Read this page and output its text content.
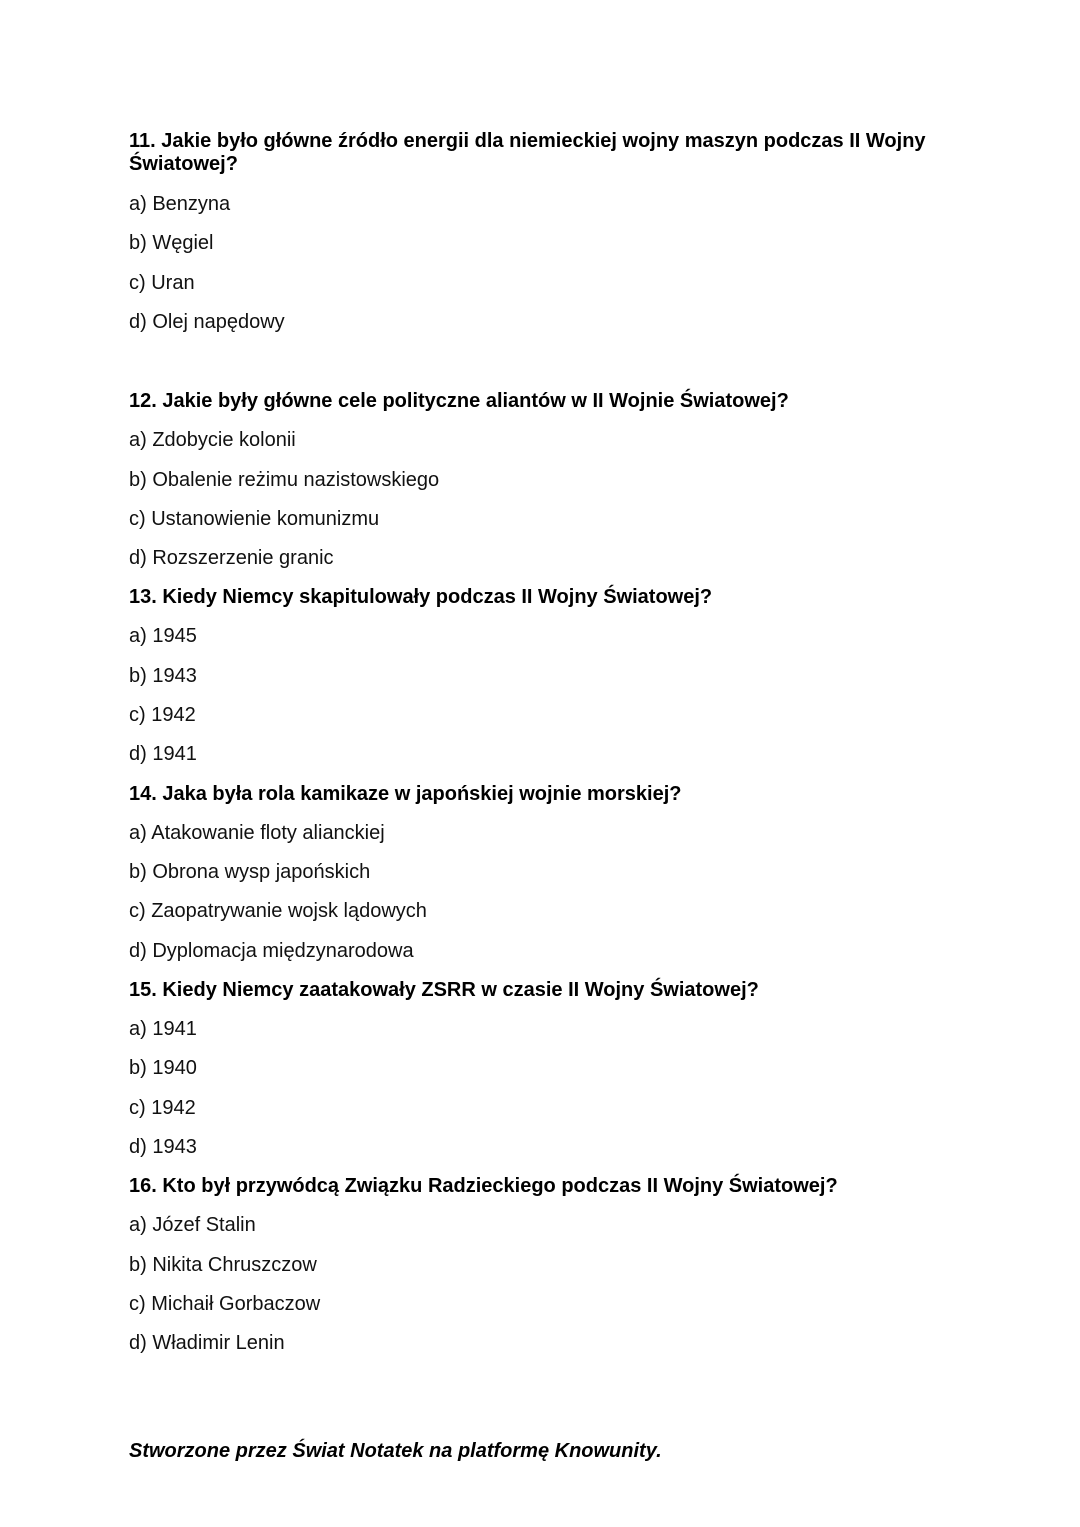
11. Jakie było główne źródło energii dla niemieckiej wojny maszyn podczas II Wojny
Światowej?
a) Benzyna
b) Węgiel
c) Uran
d) Olej napędowy
12. Jakie były główne cele polityczne aliantów w II Wojnie Światowej?
a) Zdobycie kolonii
b) Obalenie reżimu nazistowskiego
c) Ustanowienie komunizmu
d) Rozszerzenie granic
13. Kiedy Niemcy skapitulowały podczas II Wojny Światowej?
a) 1945
b) 1943
c) 1942
d) 1941
14. Jaka była rola kamikaze w japońskiej wojnie morskiej?
a) Atakowanie floty alianckiej
b) Obrona wysp japońskich
c) Zaopatrywanie wojsk lądowych
d) Dyplomacja międzynarodowa
15. Kiedy Niemcy zaatakowały ZSRR w czasie II Wojny Światowej?
a) 1941
b) 1940
c) 1942
d) 1943
16. Kto był przywódcą Związku Radzieckiego podczas II Wojny Światowej?
a) Józef Stalin
b) Nikita Chruszczow
c) Michaił Gorbaczow
d) Władimir Lenin
Stworzone przez Świat Notatek na platformę Knowunity.
